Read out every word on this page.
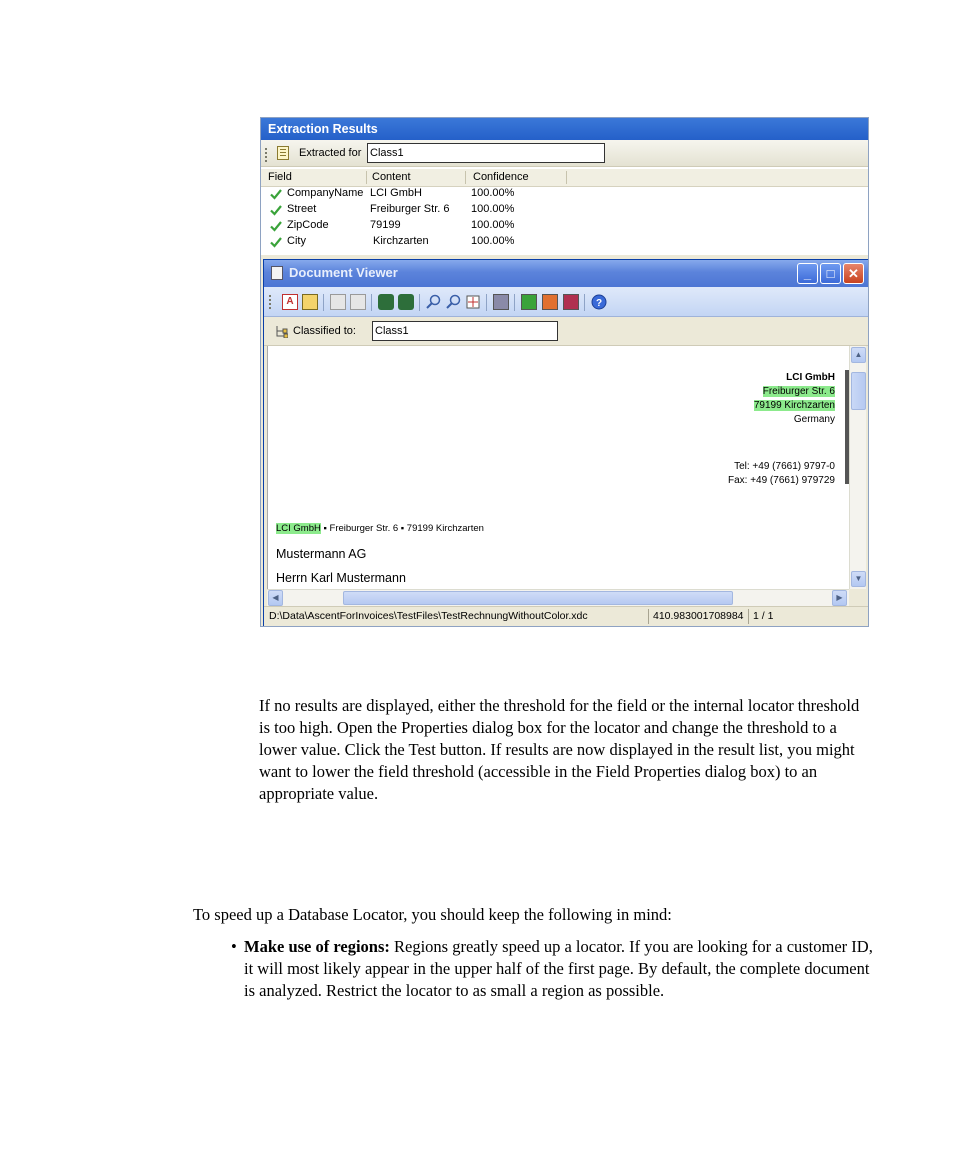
Extraction Results
Extracted for Class1
Field	Content	Confidence
CompanyName LCI GmbH	100.00%
Street	Freiburger Str. 6 100.00%
ZipCode	79199	100.00%
City	Kirchzarten	100.00%
Document Viewer	_	□	✕
A	?
Classified to: Class1
LCI GmbH
Freiburger Str. 6
79199 Kirchzarten
Germany
Tel: +49 (7661) 9797-0
Fax: +49 (7661) 979729
LCI GmbH ▪ Freiburger Str. 6 ▪ 79199 Kirchzarten
Mustermann AG
Herrn Karl Mustermann
▲
▼
◀	▶
D:\Data\AscentForInvoices\TestFiles\TestRechnungWithoutColor.xdc	410.983001708984 1 / 1
If no results are displayed, either the threshold for the field or the internal locator threshold is too high. Open the Properties dialog box for the locator and change the threshold to a lower value. Click the Test button. If results are now displayed in the result list, you might want to lower the field threshold (accessible in the Field Properties dialog box) to an appropriate value.
To speed up a Database Locator, you should keep the following in mind:
• Make use of regions: Regions greatly speed up a locator. If you are looking for a customer ID, it will most likely appear in the upper half of the first page. By default, the complete document is analyzed. Restrict the locator to as small a region as possible.
